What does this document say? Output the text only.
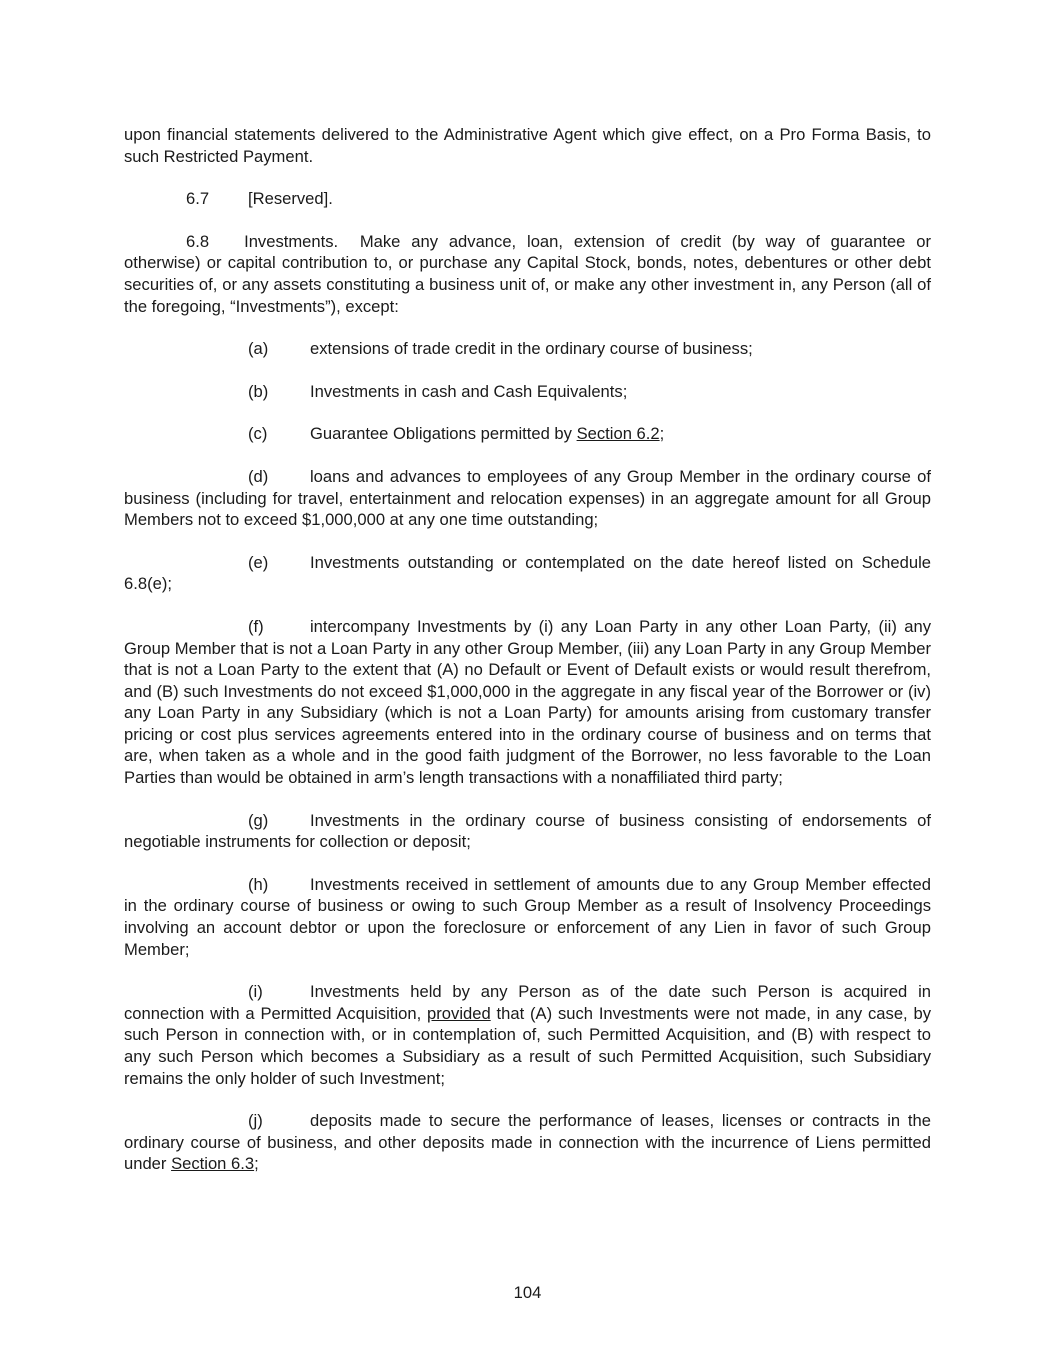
upon financial statements delivered to the Administrative Agent which give effect, on a Pro Forma Basis, to such Restricted Payment.

6.7 [Reserved].

6.8 Investments. Make any advance, loan, extension of credit (by way of guarantee or otherwise) or capital contribution to, or purchase any Capital Stock, bonds, notes, debentures or other debt securities of, or any assets constituting a business unit of, or make any other investment in, any Person (all of the foregoing, “Investments”), except:

(a)	extensions of trade credit in the ordinary course of business;

(b)	Investments in cash and Cash Equivalents;

(c)	Guarantee Obligations permitted by Section 6.2;

(d)	loans and advances to employees of any Group Member in the ordinary course of business (including for travel, entertainment and relocation expenses) in an aggregate amount for all Group Members not to exceed $1,000,000 at any one time outstanding;

(e)	Investments outstanding or contemplated on the date hereof listed on Schedule 6.8(e);

(f)	intercompany Investments by (i) any Loan Party in any other Loan Party, (ii) any Group Member that is not a Loan Party in any other Group Member, (iii) any Loan Party in any Group Member that is not a Loan Party to the extent that (A) no Default or Event of Default exists or would result therefrom, and (B) such Investments do not exceed $1,000,000 in the aggregate in any fiscal year of the Borrower or (iv) any Loan Party in any Subsidiary (which is not a Loan Party) for amounts arising from customary transfer pricing or cost plus services agreements entered into in the ordinary course of business and on terms that are, when taken as a whole and in the good faith judgment of the Borrower, no less favorable to the Loan Parties than would be obtained in arm’s length transactions with a nonaffiliated third party;

(g)	Investments in the ordinary course of business consisting of endorsements of negotiable instruments for collection or deposit;

(h)	Investments received in settlement of amounts due to any Group Member effected in the ordinary course of business or owing to such Group Member as a result of Insolvency Proceedings involving an account debtor or upon the foreclosure or enforcement of any Lien in favor of such Group Member;

(i)	Investments held by any Person as of the date such Person is acquired in connection with a Permitted Acquisition, provided that (A) such Investments were not made, in any case, by such Person in connection with, or in contemplation of, such Permitted Acquisition, and (B) with respect to any such Person which becomes a Subsidiary as a result of such Permitted Acquisition, such Subsidiary remains the only holder of such Investment;

(j)	deposits made to secure the performance of leases, licenses or contracts in the ordinary course of business, and other deposits made in connection with the incurrence of Liens permitted under Section 6.3;

104
